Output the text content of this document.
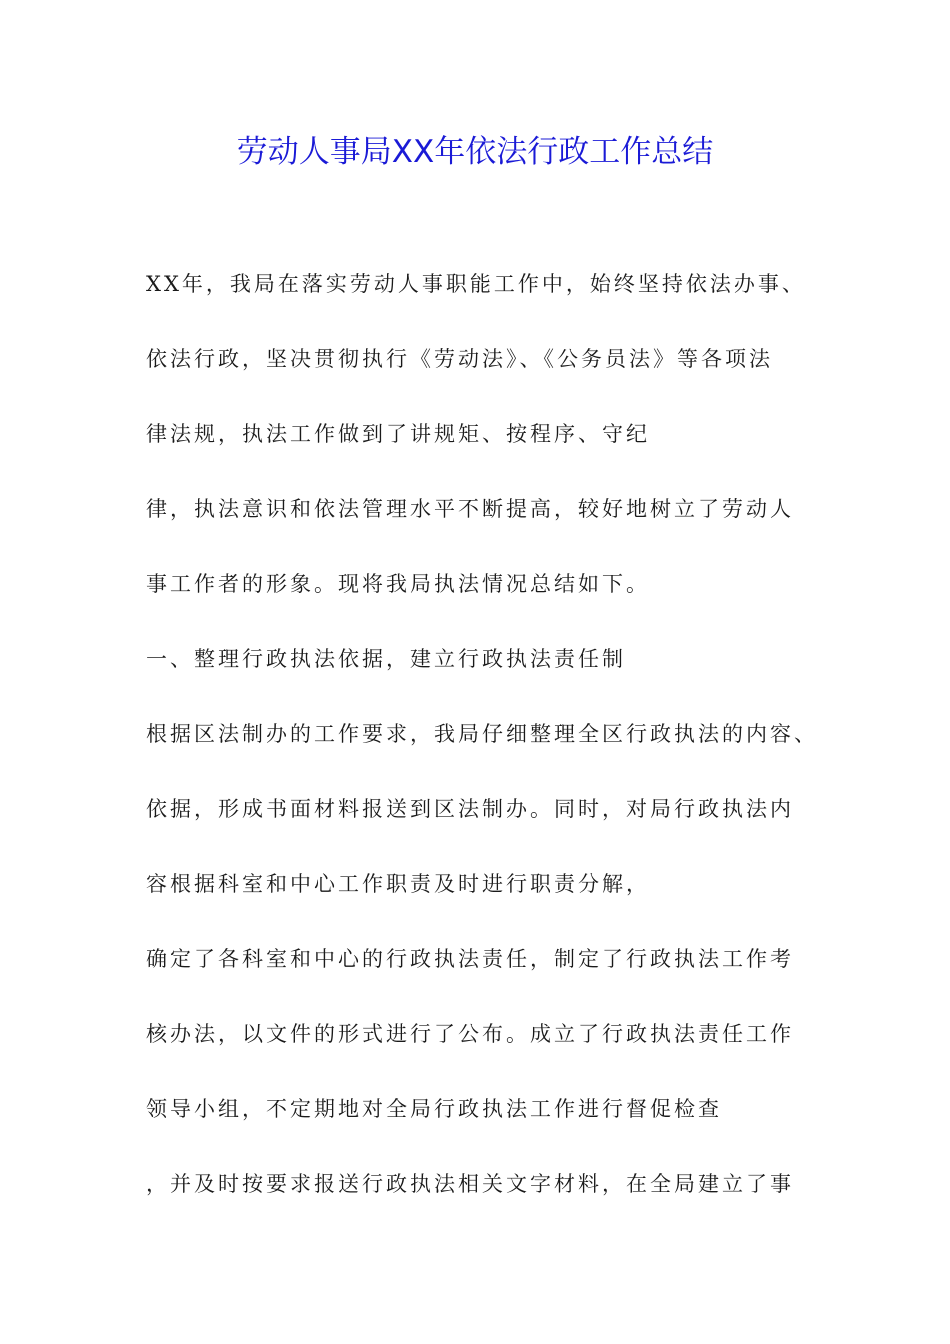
劳动人事局XX年依法行政工作总结
XX年，我局在落实劳动人事职能工作中，始终坚持依法办事、
依法行政，坚决贯彻执行《劳动法》、《公务员法》等各项法
律法规，执法工作做到了讲规矩、按程序、守纪
律，执法意识和依法管理水平不断提高，较好地树立了劳动人
事工作者的形象。现将我局执法情况总结如下。
一、整理行政执法依据，建立行政执法责任制
根据区法制办的工作要求，我局仔细整理全区行政执法的内容、
依据，形成书面材料报送到区法制办。同时，对局行政执法内
容根据科室和中心工作职责及时进行职责分解，
确定了各科室和中心的行政执法责任，制定了行政执法工作考
核办法，以文件的形式进行了公布。成立了行政执法责任工作
领导小组，不定期地对全局行政执法工作进行督促检查
，并及时按要求报送行政执法相关文字材料，在全局建立了事
